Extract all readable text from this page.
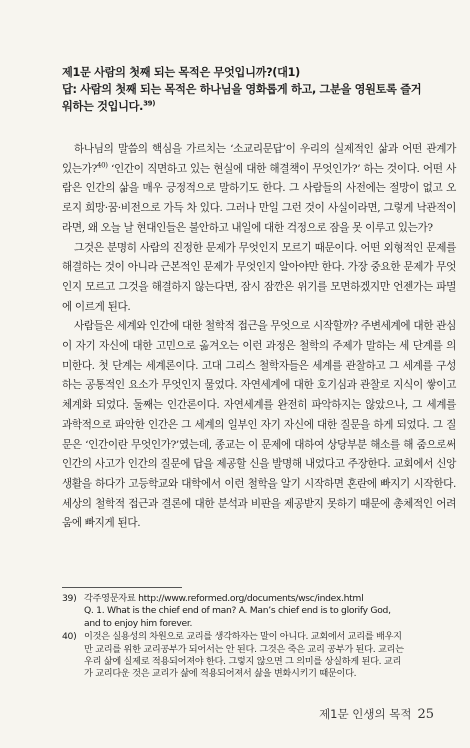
제1문 사람의 첫째 되는 목적은 무엇입니까?(대1)

답: 사람의 첫째 되는 목적은 하나님을 영화롭게 하고, 그분을 영원토록 즐거
워하는 것입니다.$^{39)}$

하나님의 말씀의 핵심을 가르치는 ‘소교리문답’이 우리의 실제적인 삶과 어떤 관계가 있는가?$^{40)}$ ‘인간이 직면하고 있는 현실에 대한 해결책이 무엇인가?’ 하는 것이다. 어떤 사람은 인간의 삶을 매우 긍정적으로 말하기도 한다. 그 사람들의 사전에는 절망이 없고 오로지 희망·꿈·비전으로 가득 차 있다. 그러나 만일 그런 것이 사실이라면, 그렇게 낙관적이라면, 왜 오늘 날 현대인들은 불안하고 내일에 대한 걱정으로 잠을 못 이루고 있는가?

그것은 분명히 사람의 진정한 문제가 무엇인지 모르기 때문이다. 어떤 외형적인 문제를 해결하는 것이 아니라 근본적인 문제가 무엇인지 알아야만 한다. 가장 중요한 문제가 무엇인지 모르고 그것을 해결하지 않는다면, 잠시 잠깐은 위기를 모면하겠지만 언젠가는 파멸에 이르게 된다.

사람들은 세계와 인간에 대한 철학적 접근을 무엇으로 시작할까? 주변세계에 대한 관심이 자기 자신에 대한 고민으로 옮겨오는 이런 과정은 철학의 주제가 말하는 세 단계를 의미한다. 첫 단계는 세계론이다. 고대 그리스 철학자들은 세계를 관찰하고 그 세계를 구성하는 공통적인 요소가 무엇인지 물었다. 자연세계에 대한 호기심과 관찰로 지식이 쌓이고 체계화 되었다. 둘째는 인간론이다. 자연세계를 완전히 파악하지는 않았으나, 그 세계를 과학적으로 파악한 인간은 그 세계의 일부인 자기 자신에 대한 질문을 하게 되었다. 그 질문은 ‘인간이란 무엇인가?’였는데, 종교는 이 문제에 대하여 상당부분 해소를 해 줌으로써 인간의 사고가 인간의 질문에 답을 제공할 신을 발명해 내었다고 주장한다. 교회에서 신앙생활을 하다가 고등학교와 대학에서 이런 철학을 알기 시작하면 혼란에 빠지기 시작한다. 세상의 철학적 접근과 결론에 대한 분석과 비판을 제공받지 못하기 때문에 총체적인 어려움에 빠지게 된다.

39) 각주영문자료 http://www.reformed.org/documents/wsc/index.html
Q. 1. What is the chief end of man? A. Man’s chief end is to glorify God,
and to enjoy him forever.
40) 이것은 실용성의 차원으로 교리를 생각하자는 말이 아니다. 교회에서 교리를 배우지
만 교리를 위한 교리공부가 되어서는 안 된다. 그것은 죽은 교리 공부가 된다. 교리는
우리 삶에 실제로 적용되어져야 한다. 그렇지 않으면 그 의미를 상실하게 된다. 교리
가 교리다운 것은 교리가 삶에 적용되어져서 삶을 변화시키기 때문이다.
제1문 인생의 목적 25
